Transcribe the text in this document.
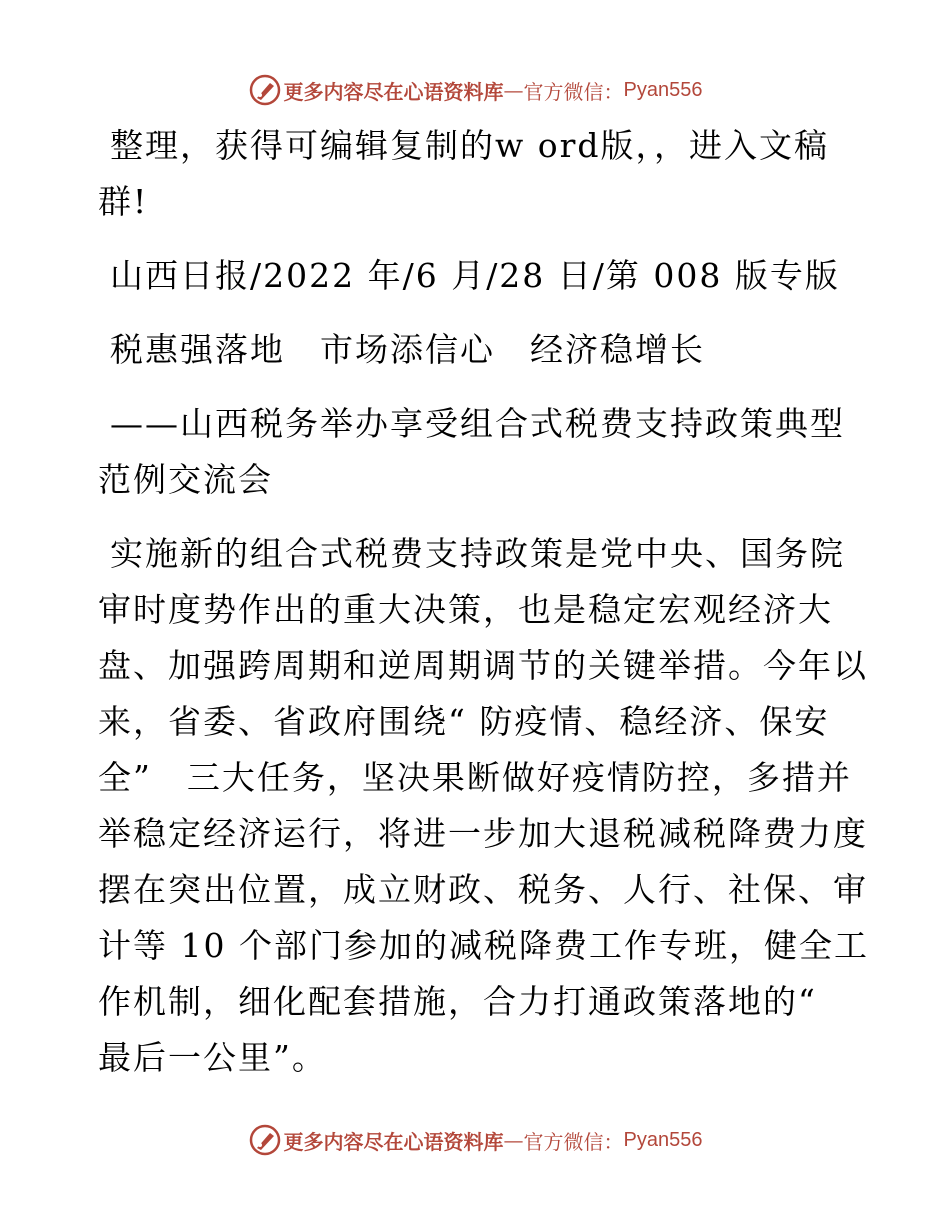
更多内容尽在心语资料库 — 官方微信： Pyan556

整理，获得可编辑复制的w ord版，，进入文稿
群!

山西日报/2022 年/6 月/28 日/第 008 版专版

税惠强落地　市场添信心　经济稳增长

——山西税务举办享受组合式税费支持政策典型
范例交流会

实施新的组合式税费支持政策是党中央、国务院
审时度势作出的重大决策，也是稳定宏观经济大
盘、加强跨周期和逆周期调节的关键举措。今年以
来，省委、省政府围绕“ 防疫情、稳经济、保安
全”　三大任务，坚决果断做好疫情防控，多措并
举稳定经济运行，将进一步加大退税减税降费力度
摆在突出位置，成立财政、税务、人行、社保、审
计等 10 个部门参加的减税降费工作专班，健全工
作机制，细化配套措施，合力打通政策落地的“
最后一公里”。

更多内容尽在心语资料库 — 官方微信： Pyan556
